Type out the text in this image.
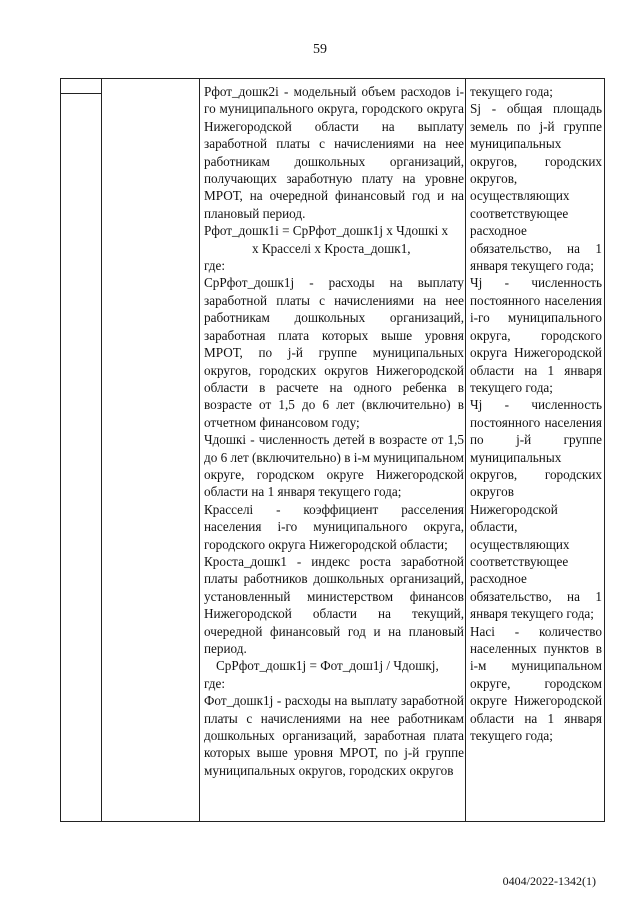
59

Рфот_дошк2i - модельный объем расходов i-го муниципального округа, городского округа Нижегородской области на выплату заработной платы с начислениями на нее работникам дошкольных организаций, получающих заработную плату на уровне МРОТ, на очередной финансовый год и на плановый период.

Рфот_дошк1i = СрРфот_дошк1j х Чдошкi х

х Кpaсселi х Кроста_дошк1,

где:

СрРфот_дошк1j - расходы на выплату заработной платы с начислениями на нее работникам дошкольных организаций, заработная плата которых выше уровня МРОТ, по j-й группе муниципальных округов, городских округов Нижегородской области в расчете на одного ребенка в возрасте от 1,5 до 6 лет (включительно) в отчетном финансовом году;

Чдошкi - численность детей в возрасте от 1,5 до 6 лет (включительно) в i-м муниципальном округе, городском округе Нижегородской области на 1 января текущего года;

Красселi - коэффициент расселения населения i-го муниципального округа, городского округа Нижегородской области;

Кроста_дошк1 - индекс роста заработной платы работников дошкольных организаций, установленный министерством финансов Нижегородской области на текущий, очередной финансовый год и на плановый период.

СрРфот_дошк1j = Фот_дош1j / Чдошкj,

где:

Фот_дошк1j - расходы на выплату заработной платы с начислениями на нее работникам дошкольных организаций, заработная плата которых выше уровня МРОТ, по j-й группе муниципальных округов, городских округов

текущего года;

Sj - общая площадь земель по j-й группе муниципальных округов, городских округов, осуществляющих соответствующее расходное обязательство, на 1 января текущего года;

Чj - численность постоянного населения i-го муниципального округа, городского округа Нижегородской области на 1 января текущего года;

Чj - численность постоянного населения по j-й группе муниципальных округов, городских округов Нижегородской области, осуществляющих соответствующее расходное обязательство, на 1 января текущего года;

Насi - количество населенных пунктов в i-м муниципальном округе, городском округе Нижегородской области на 1 января текущего года;

0404/2022-1342(1)
